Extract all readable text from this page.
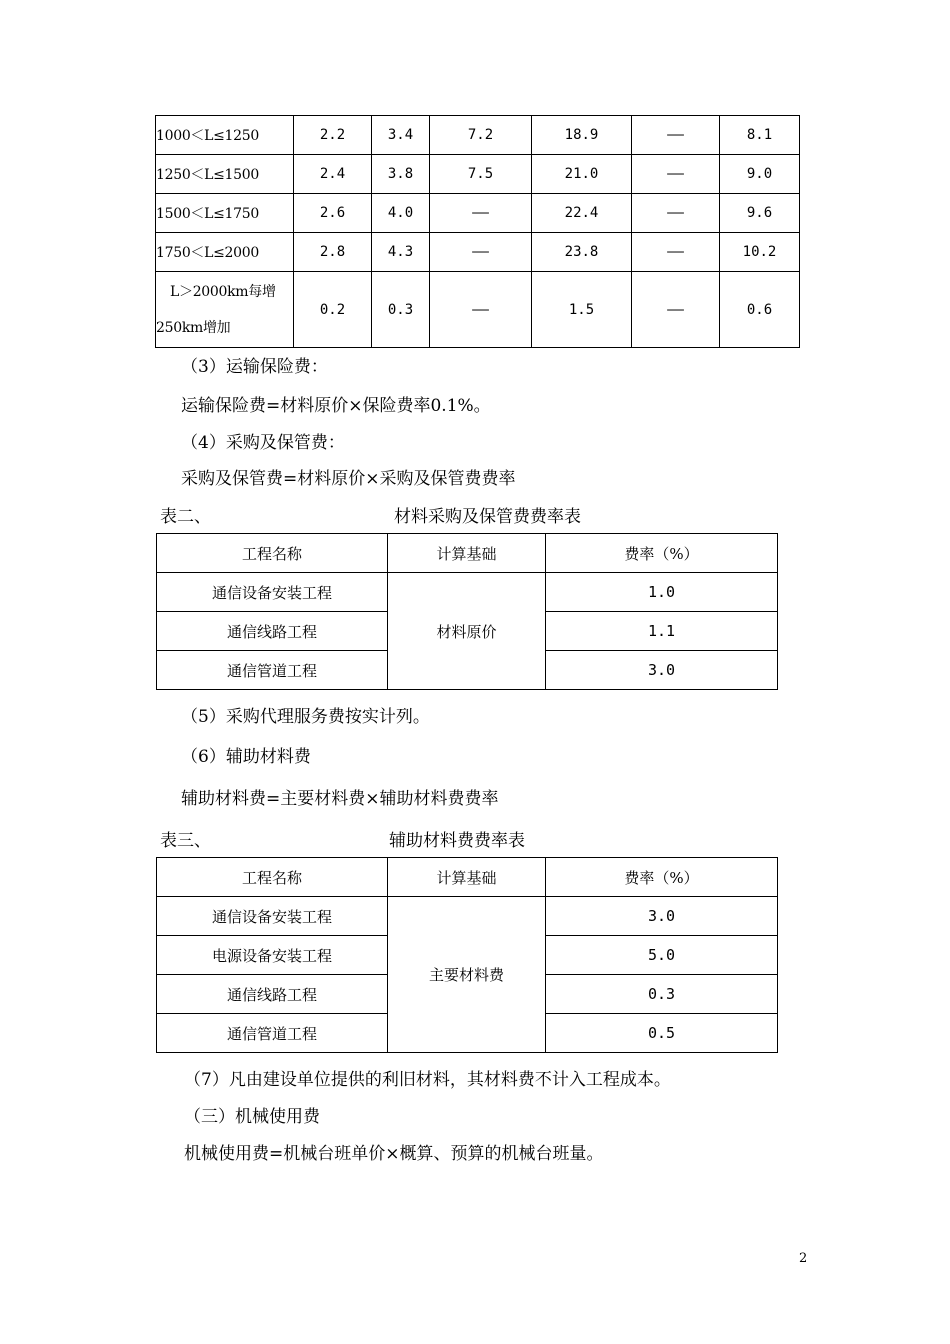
1000＜L≤1250	2.2	3.4	7.2	18.9	——	8.1
1250＜L≤1500	2.4	3.8	7.5	21.0	——	9.0
1500＜L≤1750	2.6	4.0	——	22.4	——	9.6
1750＜L≤2000	2.8	4.3	——	23.8	——	10.2

L＞2000km每增
250km增加	0.2	0.3	——	1.5	——	0.6
（3）运输保险费：
运输保险费=材料原价×保险费率0.1%。
（4）采购及保管费：
采购及保管费=材料原价×采购及保管费费率
表二、	材料采购及保管费费率表
工程名称	计算基础	费率（%）
通信设备安装工程	材料原价	1.0
通信线路工程		1.1
通信管道工程		3.0
（5）采购代理服务费按实计列。
（6）辅助材料费
辅助材料费=主要材料费×辅助材料费费率
表三、	辅助材料费费率表
工程名称	计算基础	费率（%）
通信设备安装工程	主要材料费	3.0
电源设备安装工程		5.0
通信线路工程		0.3
通信管道工程		0.5
（7）凡由建设单位提供的利旧材料，其材料费不计入工程成本。
（三）机械使用费
机械使用费=机械台班单价×概算、预算的机械台班量。
2
